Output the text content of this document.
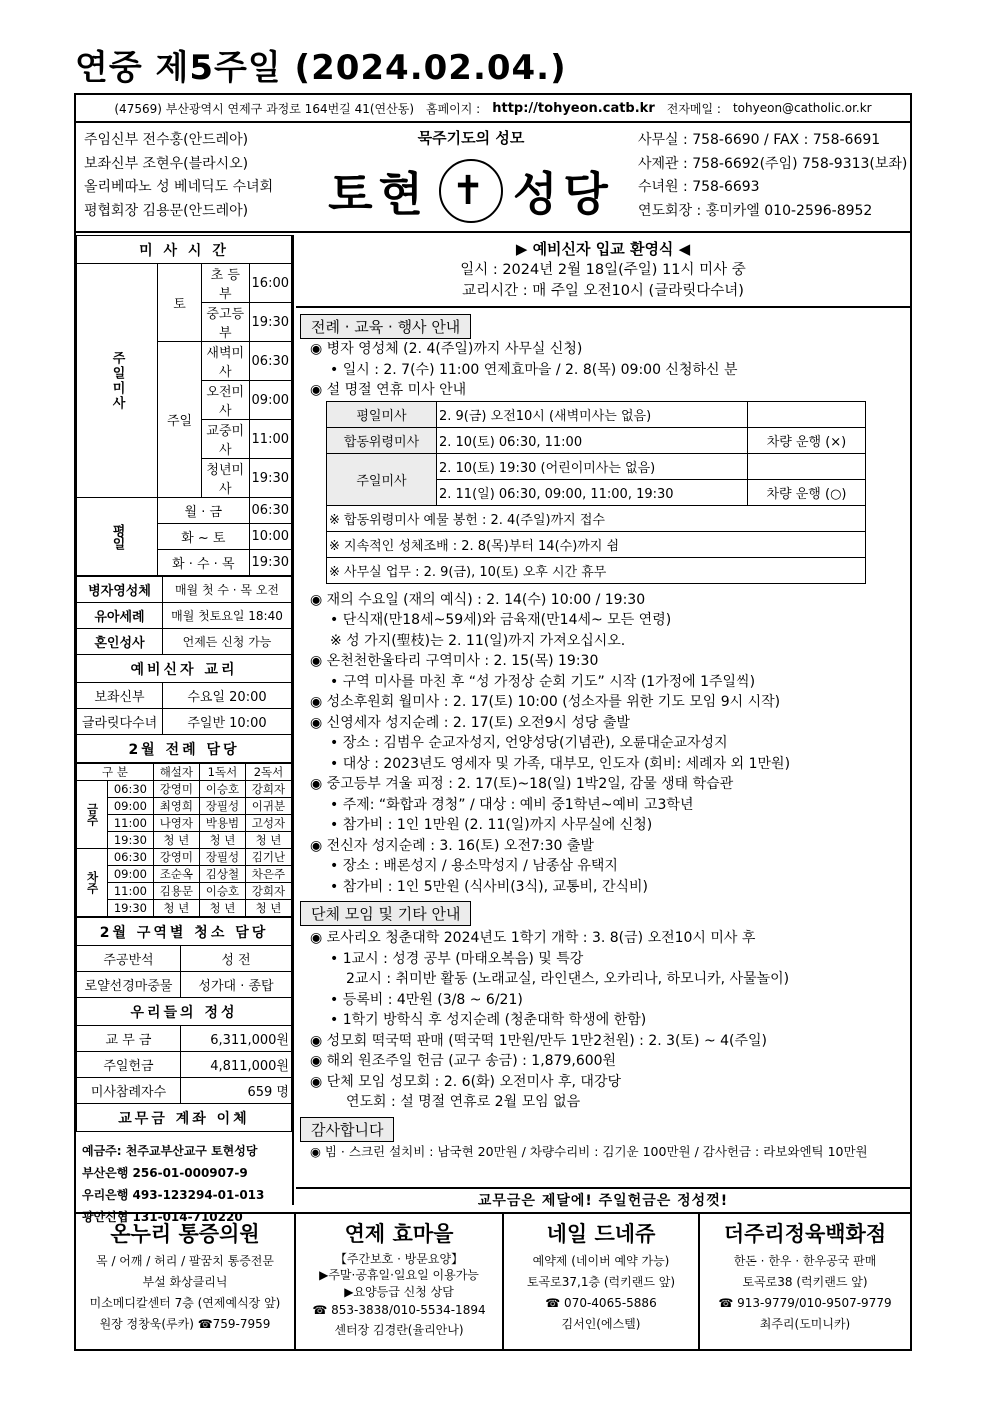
연중 제5주일 (2024.02.04.)
(47569) 부산광역시 연제구 과정로 164번길 41(연산동) 홈페이지 : http://tohyeon.catb.kr 전자메일 : tohyeon@catholic.or.kr
주임신부 전수홍(안드레아)
보좌신부 조현우(블라시오)
올리베따노 성 베네딕도 수녀회
평협회장 김용문(안드레아)
묵주기도의 성모
토현 ✝ 성당
사무실 : 758-6690 / FAX : 758-6691
사제관 : 758-6692(주임) 758-9313(보좌)
수녀원 : 758-6693
연도회장 : 홍미카엘 010-2596-8952
미 사 시 간			
주일미사	토	초 등 부	16:00
		중고등부	19:30
	주일	새벽미사	06:30
		오전미사	09:00
		교중미사	11:00
		청년미사	19:30
평일	월 · 금		06:30
	화 ~ 토		10:00
	화 · 수 · 목		19:30
병자영성체	매월 첫 수 · 목 오전
유아세례	매월 첫토요일 18:40
혼인성사	언제든 신청 가능
예비신자 교리	
보좌신부	수요일 20:00
글라릿다수녀	주일반 10:00
2월 전례 담당	
구 분		해설자	1독서	2독서
금주	06:30	강영미	이승호	강희자
	09:00	최영희	장필성	이귀분
	11:00	나영자	박용범	고성자
	19:30	청 년	청 년	청 년
차주	06:30	강영미	장필성	김기난
	09:00	조순옥	김상철	차은주
	11:00	김용문	이승호	강희자
	19:30	청 년	청 년	청 년
2월 구역별 청소 담당	
주공반석	성 전
로얄선경마중물	성가대 · 종탑
우리들의 정성	
교 무 금	6,311,000원
주일헌금	4,811,000원
미사참례자수	659 명
교무금 계좌 이체	
예금주: 천주교부산교구 토현성당
부산은행 256-01-000907-9
우리은행 493-123294-01-013
광안신협 131-014-710220
▶ 예비신자 입교 환영식 ◀
일시 : 2024년 2월 18일(주일) 11시 미사 중
교리시간 : 매 주일 오전10시 (글라릿다수녀)
전례 · 교육 · 행사 안내
◉ 병자 영성체 (2. 4(주일)까지 사무실 신청)
• 일시 : 2. 7(수) 11:00 연제효마을 / 2. 8(목) 09:00 신청하신 분
◉ 설 명절 연휴 미사 안내
평일미사	2. 9(금) 오전10시 (새벽미사는 없음)	
합동위령미사	2. 10(토) 06:30, 11:00	차량 운행 (×)
주일미사	2. 10(토) 19:30 (어린이미사는 없음)	
	2. 11(일) 06:30, 09:00, 11:00, 19:30	차량 운행 (○)
※ 합동위령미사 예물 봉헌 : 2. 4(주일)까지 접수		
※ 지속적인 성체조배 : 2. 8(목)부터 14(수)까지 쉼		
※ 사무실 업무 : 2. 9(금), 10(토) 오후 시간 휴무		
◉ 재의 수요일 (재의 예식) : 2. 14(수) 10:00 / 19:30
• 단식재(만18세~59세)와 금육재(만14세~ 모든 연령)
※ 성 가지(聖枝)는 2. 11(일)까지 가져오십시오.
◉ 온천천한울타리 구역미사 : 2. 15(목) 19:30
• 구역 미사를 마친 후 “성 가정상 순회 기도” 시작 (1가정에 1주일씩)
◉ 성소후원회 월미사 : 2. 17(토) 10:00 (성소자를 위한 기도 모임 9시 시작)
◉ 신영세자 성지순례 : 2. 17(토) 오전9시 성당 출발
• 장소 : 김범우 순교자성지, 언양성당(기념관), 오륜대순교자성지
• 대상 : 2023년도 영세자 및 가족, 대부모, 인도자 (회비: 세례자 외 1만원)
◉ 중고등부 겨울 피정 : 2. 17(토)~18(일) 1박2일, 감물 생태 학습관
• 주제: “화합과 경청” / 대상 : 예비 중1학년~예비 고3학년
• 참가비 : 1인 1만원 (2. 11(일)까지 사무실에 신청)
◉ 전신자 성지순례 : 3. 16(토) 오전7:30 출발
• 장소 : 배론성지 / 용소막성지 / 남종삼 유택지
• 참가비 : 1인 5만원 (식사비(3식), 교통비, 간식비)
단체 모임 및 기타 안내
◉ 로사리오 청춘대학 2024년도 1학기 개학 : 3. 8(금) 오전10시 미사 후
• 1교시 : 성경 공부 (마태오복음) 및 특강
2교시 : 취미반 활동 (노래교실, 라인댄스, 오카리나, 하모니카, 사물놀이)
• 등록비 : 4만원 (3/8 ~ 6/21)
• 1학기 방학식 후 성지순례 (청춘대학 학생에 한함)
◉ 성모회 떡국떡 판매 (떡국떡 1만원/만두 1만2천원) : 2. 3(토) ~ 4(주일)
◉ 해외 원조주일 헌금 (교구 송금) : 1,879,600원
◉ 단체 모임 성모회 : 2. 6(화) 오전미사 후, 대강당
연도회 : 설 명절 연휴로 2월 모임 없음
감사합니다
◉ 빔 · 스크린 설치비 : 남국현 20만원 / 차량수리비 : 김기운 100만원 / 감사헌금 : 라보와엔틱 10만원
교무금은 제달에! 주일헌금은 정성껏!
온누리 통증의원
목 / 어깨 / 허리 / 팔꿈치 통증전문
부설 화상클리닉
미소메디칼센터 7층 (연제예식장 앞)
원장 정창욱(루카) ☎759-7959
연제 효마을
【주간보호 · 방문요양】
▶주말·공휴일·일요일 이용가능
▶요양등급 신청 상담
☎ 853-3838/010-5534-1894
센터장 김경란(율리안나)
네일 드네쥬
예약제 (네이버 예약 가능)
토곡로37,1층 (럭키랜드 앞)
☎ 070-4065-5886
김서인(에스텔)
더주리정육백화점
한돈 · 한우 · 한우공국 판매
토곡로38 (럭키랜드 앞)
☎ 913-9779/010-9507-9779
최주리(도미니카)
